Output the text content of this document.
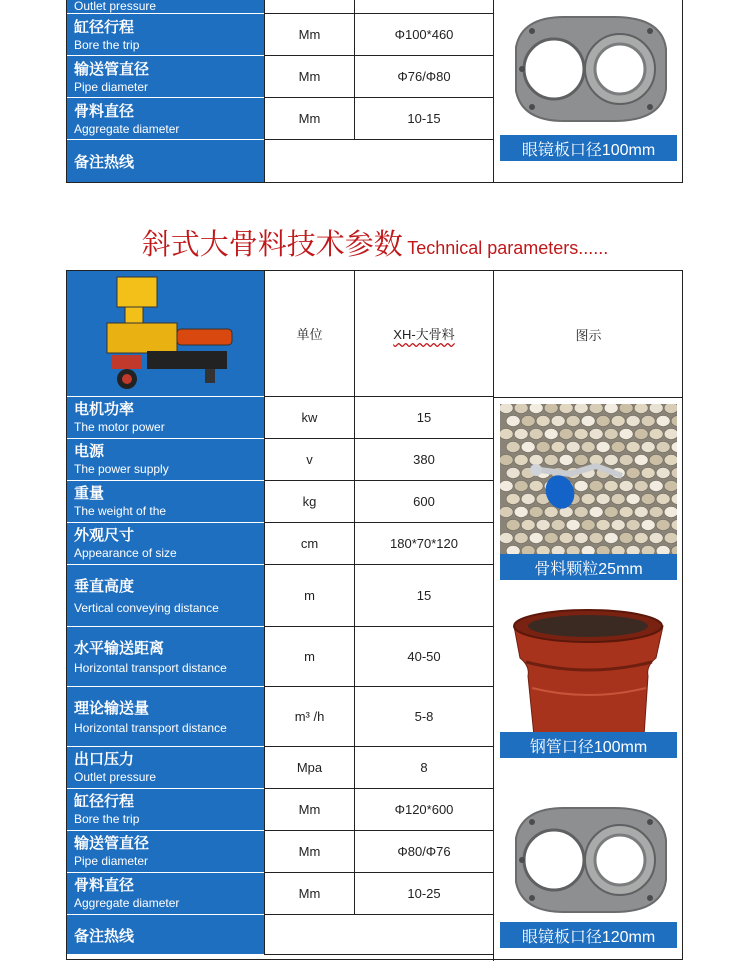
Outlet pressure
缸径行程
Bore the trip
Mm	Φ100*460
输送管直径
Pipe diameter
Mm	Φ76/Φ80
骨料直径
Aggregate diameter
Mm	10-15
备注热线
眼镜板口径100mm
斜式大骨料技术参数 Technical parameters......
单位	XH-大骨料	图示
电机功率
The motor power
kw	15
电源
The power supply
v	380
重量
The weight of the
kg	600
外观尺寸
Appearance of size
cm	180*70*120
垂直高度
Vertical conveying distance
m	15
水平输送距离
Horizontal transport distance
m	40-50
理论输送量
Horizontal transport distance
m³ /h	5-8
出口压力
Outlet pressure
Mpa	8
缸径行程
Bore the trip
Mm	Φ120*600
输送管直径
Pipe diameter
Mm	Φ80/Φ76
骨料直径
Aggregate diameter
Mm	10-25
备注热线
骨料颗粒25mm
钢管口径100mm
眼镜板口径120mm
